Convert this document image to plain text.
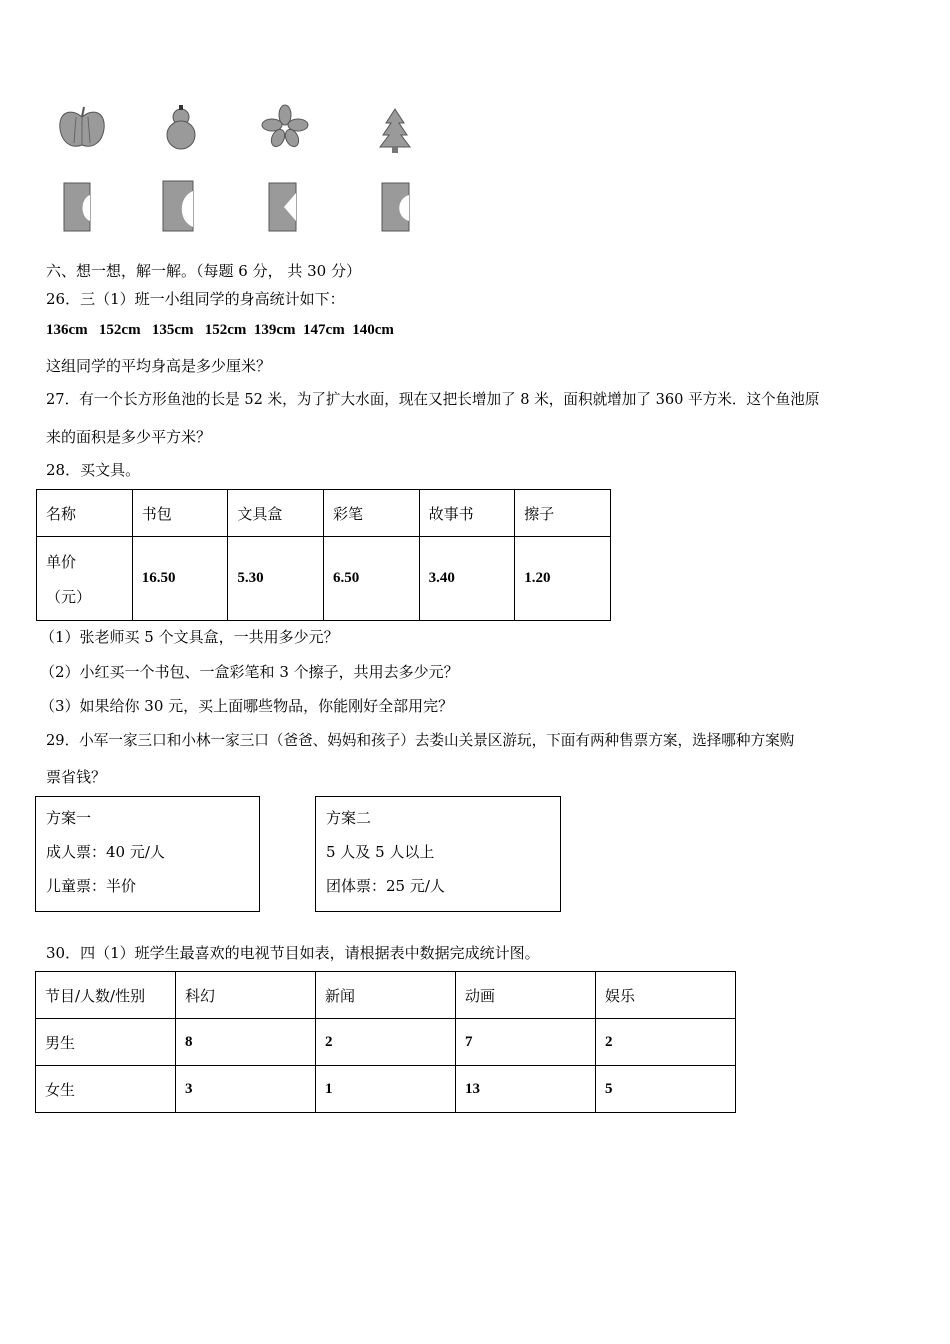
六、想一想，解一解。（每题 6 分， 共 30 分）
26．三（1）班一小组同学的身高统计如下：
136cm 152cm 135cm 152cm 139cm 147cm 140cm
这组同学的平均身高是多少厘米？
27．有一个长方形鱼池的长是 52 米，为了扩大水面，现在又把长增加了 8 米，面积就增加了 360 平方米．这个鱼池原
来的面积是多少平方米？
28．买文具。
名称	书包	文具盒	彩笔	故事书	擦子

单价
（元）	16.50	5.30	6.50	3.40	1.20
（1）张老师买 5 个文具盒，一共用多少元？
（2）小红买一个书包、一盒彩笔和 3 个擦子，共用去多少元？
（3）如果给你 30 元，买上面哪些物品，你能刚好全部用完？
29．小军一家三口和小林一家三口（爸爸、妈妈和孩子）去娄山关景区游玩，下面有两种售票方案，选择哪种方案购
票省钱？
方案一
成人票：40 元/人
儿童票：半价
方案二
5 人及 5 人以上
团体票：25 元/人
30．四（1）班学生最喜欢的电视节目如表，请根据表中数据完成统计图。
节目/人数/性别	科幻	新闻	动画	娱乐
男生	8	2	7	2
女生	3	1	13	5
